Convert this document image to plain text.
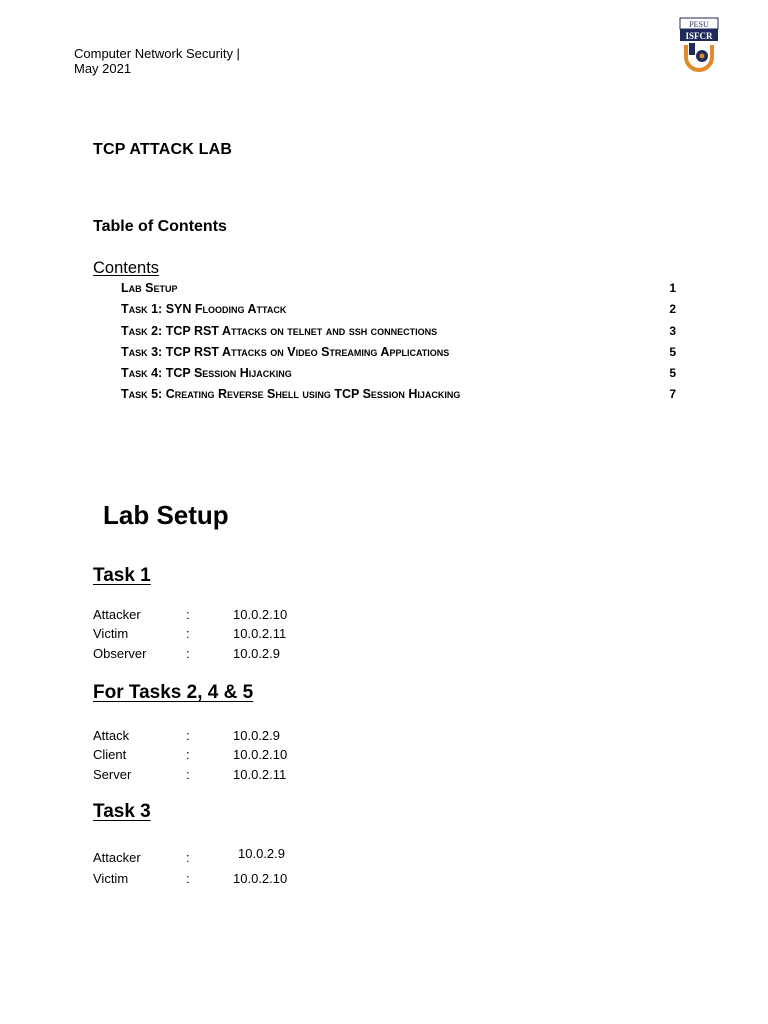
Computer Network Security |
May 2021
PESU
ISFCR
TCP ATTACK LAB
Table of Contents
Contents
Lab Setup	1
Task 1: SYN Flooding Attack	2
Task 2: TCP RST Attacks on telnet and ssh connections	3
Task 3: TCP RST Attacks on Video Streaming Applications	5
Task 4: TCP Session Hijacking	5
Task 5: Creating Reverse Shell using TCP Session Hijacking	7
Lab Setup
Task 1
Attacker	:	10.0.2.10
Victim	:	10.0.2.11
Observer	:	10.0.2.9
For Tasks 2, 4 & 5
Attack	:	10.0.2.9
Client	:	10.0.2.10
Server	:	10.0.2.11
Task 3
Attacker	:	10.0.2.9
Victim	:	10.0.2.10
